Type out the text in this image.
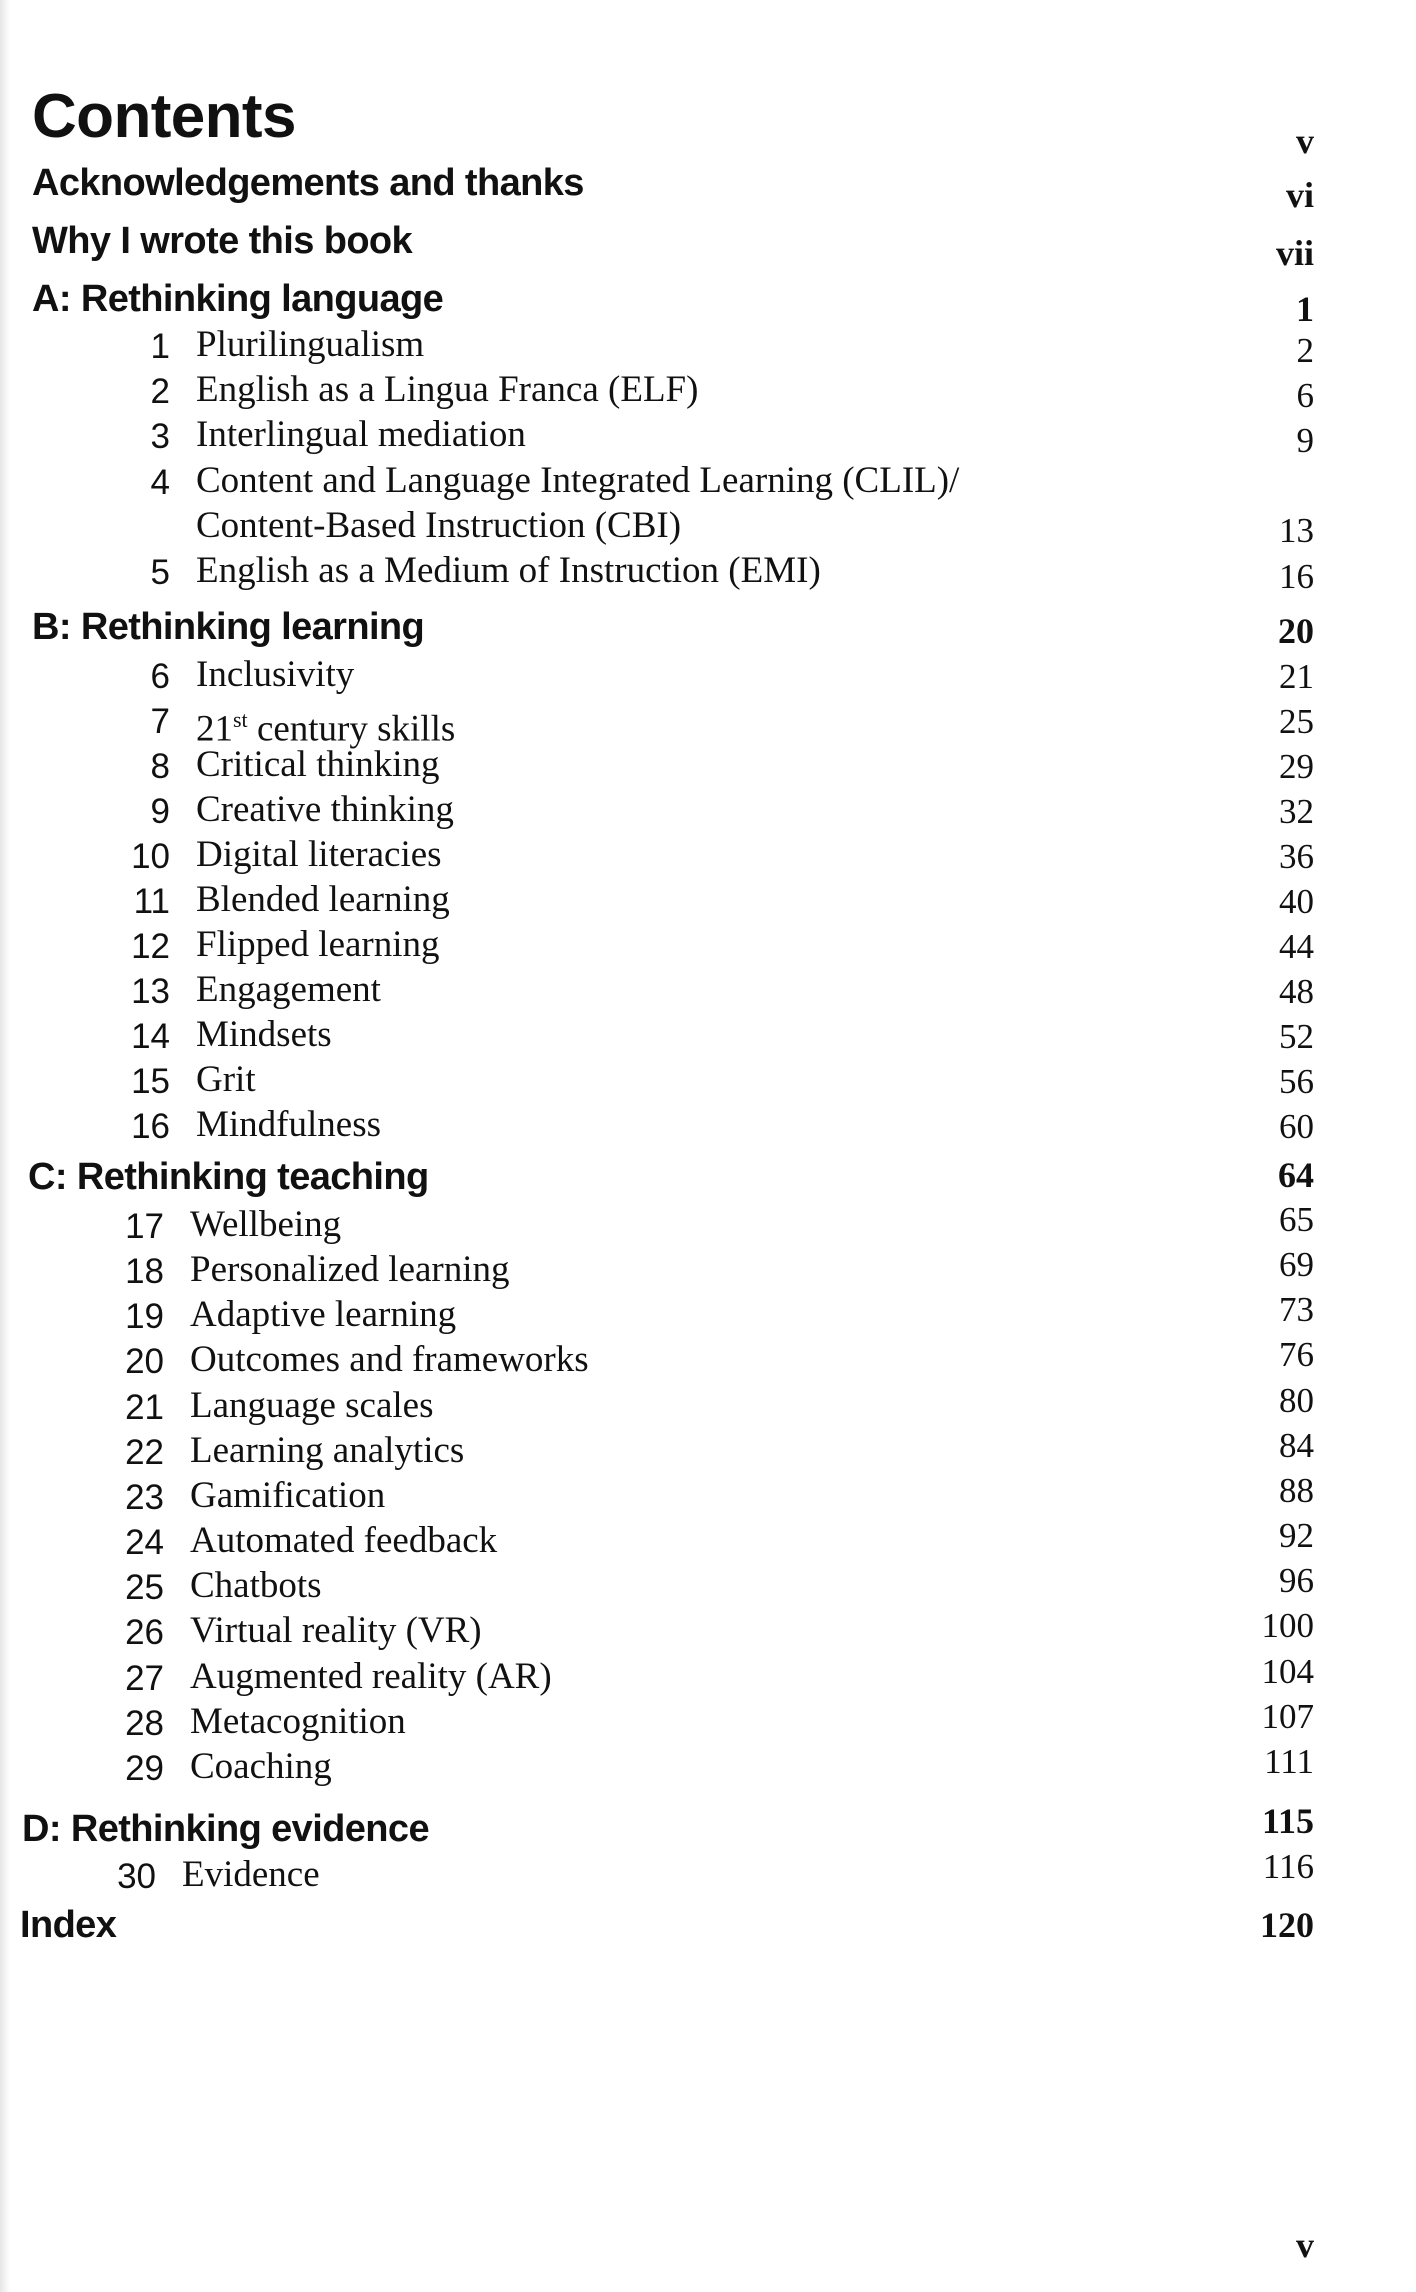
Contents	v
Acknowledgements and thanks	vi
Why I wrote this book	vii
A: Rethinking language	1
1 Plurilingualism	2
2 English as a Lingua Franca (ELF)	6
3 Interlingual mediation	9
4 Content and Language Integrated Learning (CLIL)/
Content-Based Instruction (CBI)	13
5 English as a Medium of Instruction (EMI)	16
B: Rethinking learning	20
6 Inclusivity	21
7 21st century skills	25
8 Critical thinking	29
9 Creative thinking	32
10 Digital literacies	36
11 Blended learning	40
12 Flipped learning	44
13 Engagement	48
14 Mindsets	52
15 Grit	56
16 Mindfulness	60
C: Rethinking teaching	64
17 Wellbeing	65
18 Personalized learning	69
19 Adaptive learning	73
20 Outcomes and frameworks	76
21 Language scales	80
22 Learning analytics	84
23 Gamification	88
24 Automated feedback	92
25 Chatbots	96
26 Virtual reality (VR)	100
27 Augmented reality (AR)	104
28 Metacognition	107
29 Coaching	111
D: Rethinking evidence	115
30 Evidence	116
Index	120
v
